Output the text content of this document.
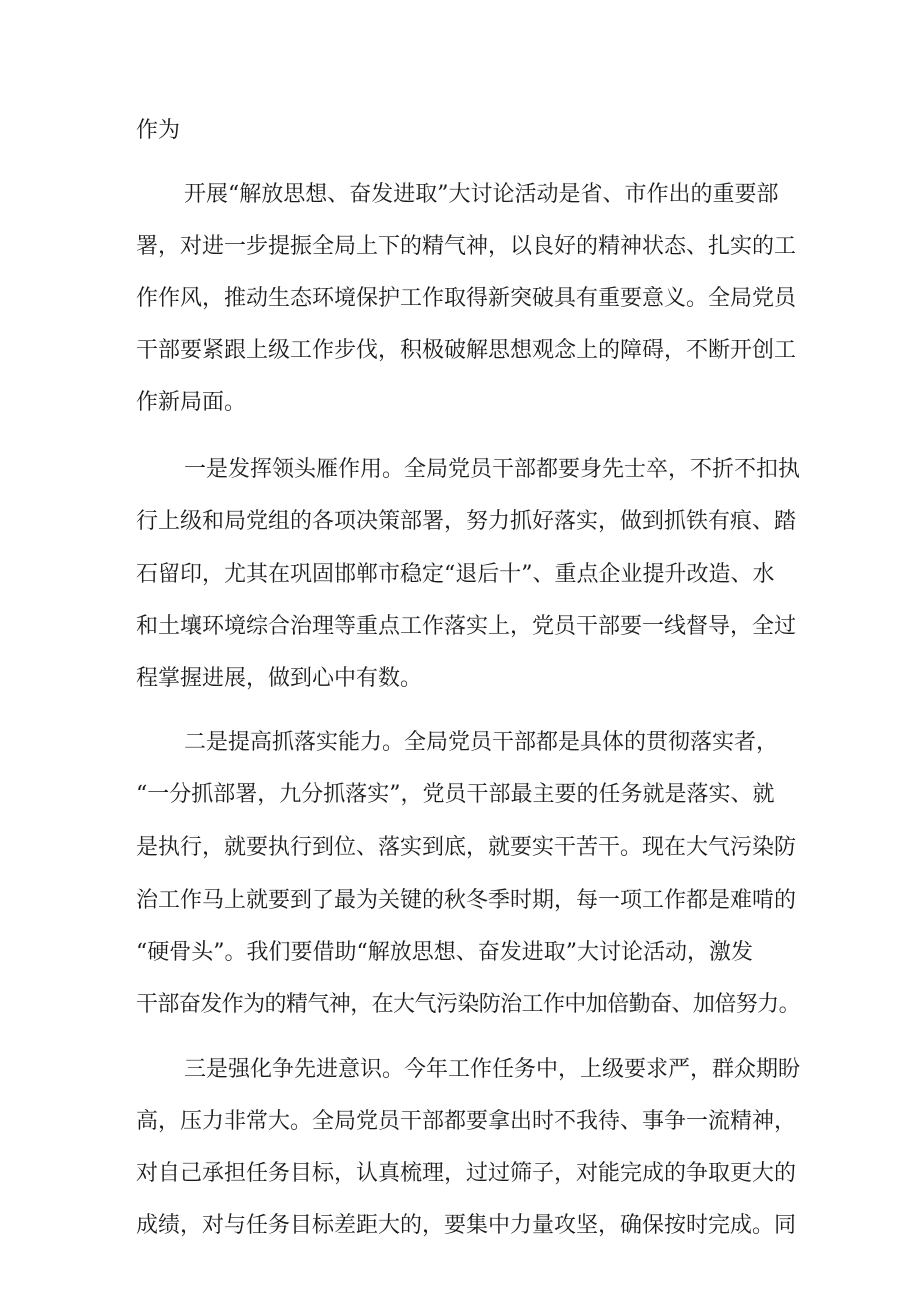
作为

开展“解放思想、奋发进取”大讨论活动是省、市作出的重要部

署，对进一步提振全局上下的精气神，以良好的精神状态、扎实的工

作作风，推动生态环境保护工作取得新突破具有重要意义。全局党员

干部要紧跟上级工作步伐，积极破解思想观念上的障碍，不断开创工

作新局面。

一是发挥领头雁作用。全局党员干部都要身先士卒，不折不扣执

行上级和局党组的各项决策部署，努力抓好落实，做到抓铁有痕、踏

石留印，尤其在巩固邯郸市稳定“退后十”、重点企业提升改造、水

和土壤环境综合治理等重点工作落实上，党员干部要一线督导，全过

程掌握进展，做到心中有数。

二是提高抓落实能力。全局党员干部都是具体的贯彻落实者，

“一分抓部署，九分抓落实”，党员干部最主要的任务就是落实、就

是执行，就要执行到位、落实到底，就要实干苦干。现在大气污染防

治工作马上就要到了最为关键的秋冬季时期，每一项工作都是难啃的

“硬骨头”。我们要借助“解放思想、奋发进取”大讨论活动，激发

干部奋发作为的精气神，在大气污染防治工作中加倍勤奋、加倍努力。

三是强化争先进意识。今年工作任务中，上级要求严，群众期盼

高，压力非常大。全局党员干部都要拿出时不我待、事争一流精神，

对自己承担任务目标，认真梳理，过过筛子，对能完成的争取更大的

成绩，对与任务目标差距大的，要集中力量攻坚，确保按时完成。同
